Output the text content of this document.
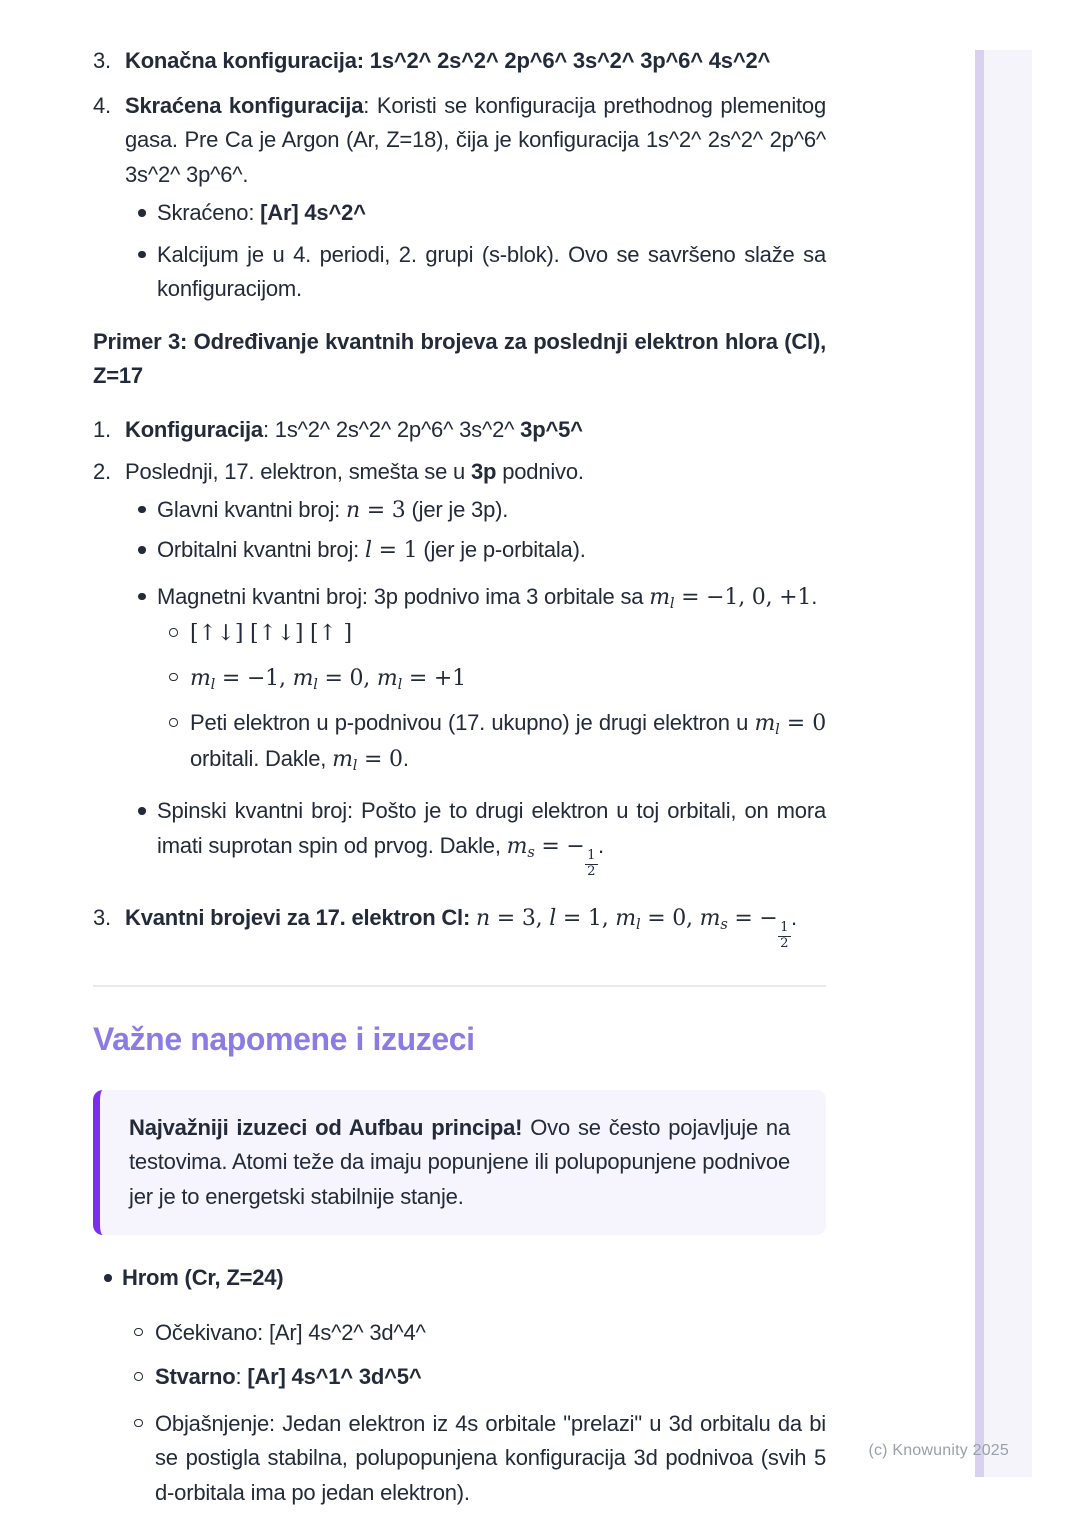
3. Konačna konfiguracija: 1s^2^ 2s^2^ 2p^6^ 3s^2^ 3p^6^ 4s^2^

4. Skraćena konfiguracija: Koristi se konfiguracija prethodnog plemenitog gasa. Pre Ca je Argon (Ar, Z=18), čija je konfiguracija 1s^2^ 2s^2^ 2p^6^ 3s^2^ 3p^6^.

Skraćeno: [Ar] 4s^2^

Kalcijum je u 4. periodi, 2. grupi (s-blok). Ovo se savršeno slaže sa konfiguracijom.

Primer 3: Određivanje kvantnih brojeva za poslednji elektron hlora (Cl), Z=17

1. Konfiguracija: 1s^2^ 2s^2^ 2p^6^ 3s^2^ 3p^5^

2. Poslednji, 17. elektron, smešta se u 3p podnivo.

Glavni kvantni broj: n = 3 (jer je 3p).

Orbitalni kvantni broj: l = 1 (jer je p-orbitala).

Magnetni kvantni broj: 3p podnivo ima 3 orbitale sa $m_l = -1$, 0, +1.

[↑↓] [↑↓] [↑ ]

$m_l = -1$, $m_l = 0$, $m_l = +1$

Peti elektron u p-podnivou (17. ukupno) je drugi elektron u $m_l = 0$ orbitali. Dakle, $m_l = 0$.

Spinski kvantni broj: Pošto je to drugi elektron u toj orbitali, on mora imati suprotan spin od prvog. Dakle, $m_s$ = −
$\frac{1}{2}$
.

3. Kvantni brojevi za 17. elektron Cl: n = 3, l = 1, $m_l = 0$, $m_s$ = −
$\frac{1}{2}$
.

Važne napomene i izuzeci

Najvažniji izuzeci od Aufbau principa! Ovo se često pojavljuje na testovima. Atomi teže da imaju popunjene ili polupopunjene podnivoe jer je to energetski stabilnije stanje.

Hrom (Cr, Z=24)

Očekivano: [Ar] 4s^2^ 3d^4^

Stvarno: [Ar] 4s^1^ 3d^5^

Objašnjenje: Jedan elektron iz 4s orbitale "prelazi" u 3d orbitalu da bi se postigla stabilna, polupopunjena konfiguracija 3d podnivoa (svih 5 d-orbitala ima po jedan elektron).

(c) Knowunity 2025
